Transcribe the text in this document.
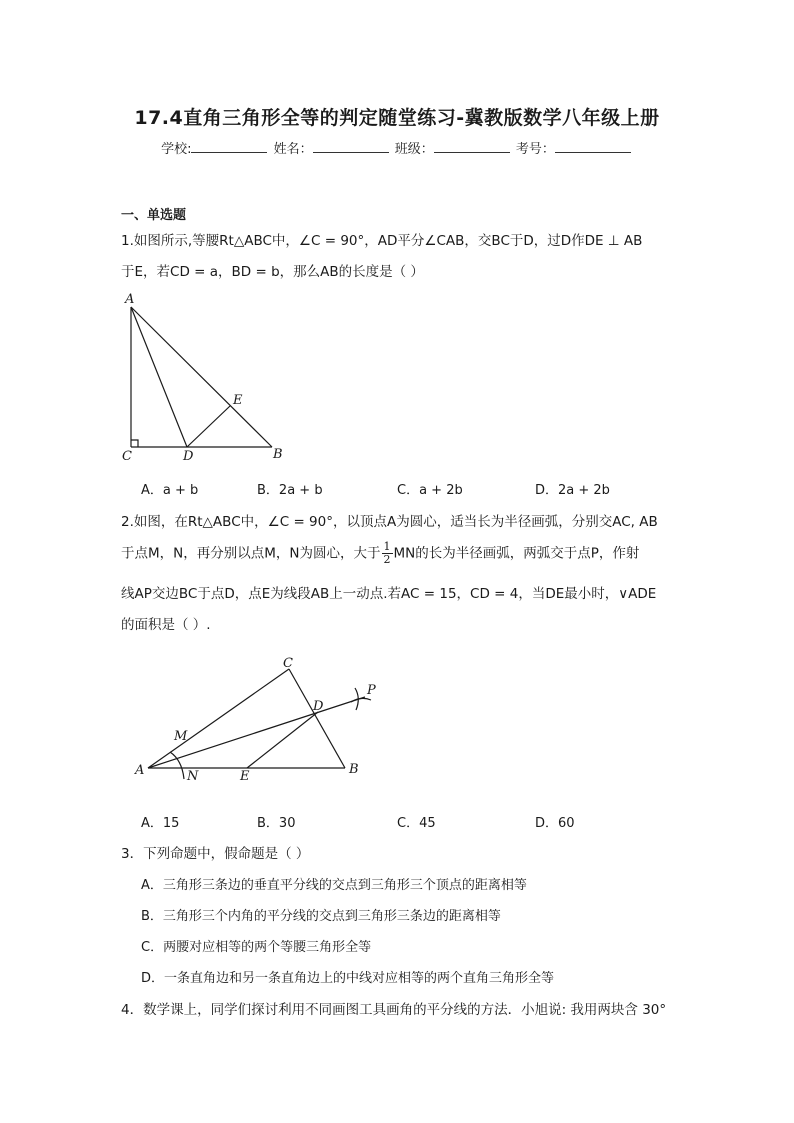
17.4直角三角形全等的判定随堂练习-冀教版数学八年级上册
学校:	姓名：	班级：	考号：
一、单选题
1.如图所示,等腰Rt△ABC中，∠C = 90°，AD平分∠CAB，交BC于D，过D作DE ⊥ AB
于E，若CD = a，BD = b，那么AB的长度是（ ）
A
E
C	D	B
A．a + b	B．2a + b	C．a + 2b	D．2a + 2b
2.如图，在Rt△ABC中，∠C = 90°，以顶点A为圆心，适当长为半径画弧，分别交AC, AB
于点M，N，再分别以点M，N为圆心，大于 $\frac{1}{2}$ MN的长为半径画弧，两弧交于点P，作射
线AP交边BC于点D，点E为线段AB上一动点.若AC = 15，CD = 4，当DE最小时，∨ADE
的面积是（ ）.
C
P
D
M
A	N	E	B
A．15	B．30	C．45	D．60
3．下列命题中，假命题是（ ）
A．三角形三条边的垂直平分线的交点到三角形三个顶点的距离相等
B．三角形三个内角的平分线的交点到三角形三条边的距离相等
C．两腰对应相等的两个等腰三角形全等
D．一条直角边和另一条直角边上的中线对应相等的两个直角三角形全等
4．数学课上，同学们探讨利用不同画图工具画角的平分线的方法．小旭说: 我用两块含 30°
